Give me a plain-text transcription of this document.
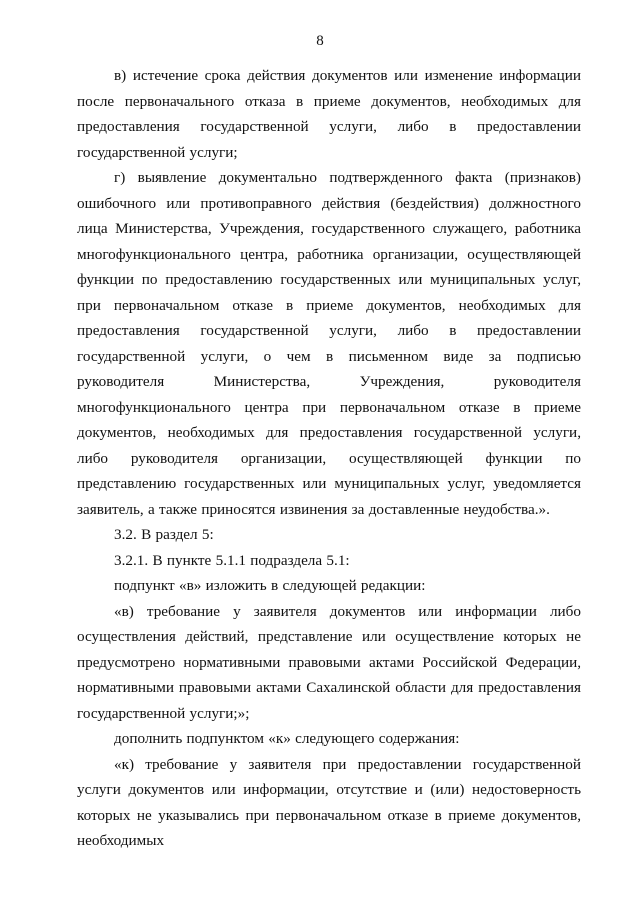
8

в) истечение срока действия документов или изменение информации после первоначального отказа в приеме документов, необходимых для предоставления государственной услуги, либо в предоставлении государственной услуги;

г) выявление документально подтвержденного факта (признаков) ошибочного или противоправного действия (бездействия) должностного лица Министерства, Учреждения, государственного служащего, работника многофункционального центра, работника организации, осуществляющей функции по предоставлению государственных или муниципальных услуг, при первоначальном отказе в приеме документов, необходимых для предоставления государственной услуги, либо в предоставлении государственной услуги, о чем в письменном виде за подписью руководителя Министерства, Учреждения, руководителя многофункционального центра при первоначальном отказе в приеме документов, необходимых для предоставления государственной услуги, либо руководителя организации, осуществляющей функции по представлению государственных или муниципальных услуг, уведомляется заявитель, а также приносятся извинения за доставленные неудобства.».

3.2. В раздел 5:

3.2.1. В пункте 5.1.1 подраздела 5.1:

подпункт «в» изложить в следующей редакции:

«в) требование у заявителя документов или информации либо осуществления действий, представление или осуществление которых не предусмотрено нормативными правовыми актами Российской Федерации, нормативными правовыми актами Сахалинской области для предоставления государственной услуги;»;

дополнить подпунктом «к» следующего содержания:

«к) требование у заявителя при предоставлении государственной услуги документов или информации, отсутствие и (или) недостоверность которых не указывались при первоначальном отказе в приеме документов, необходимых
